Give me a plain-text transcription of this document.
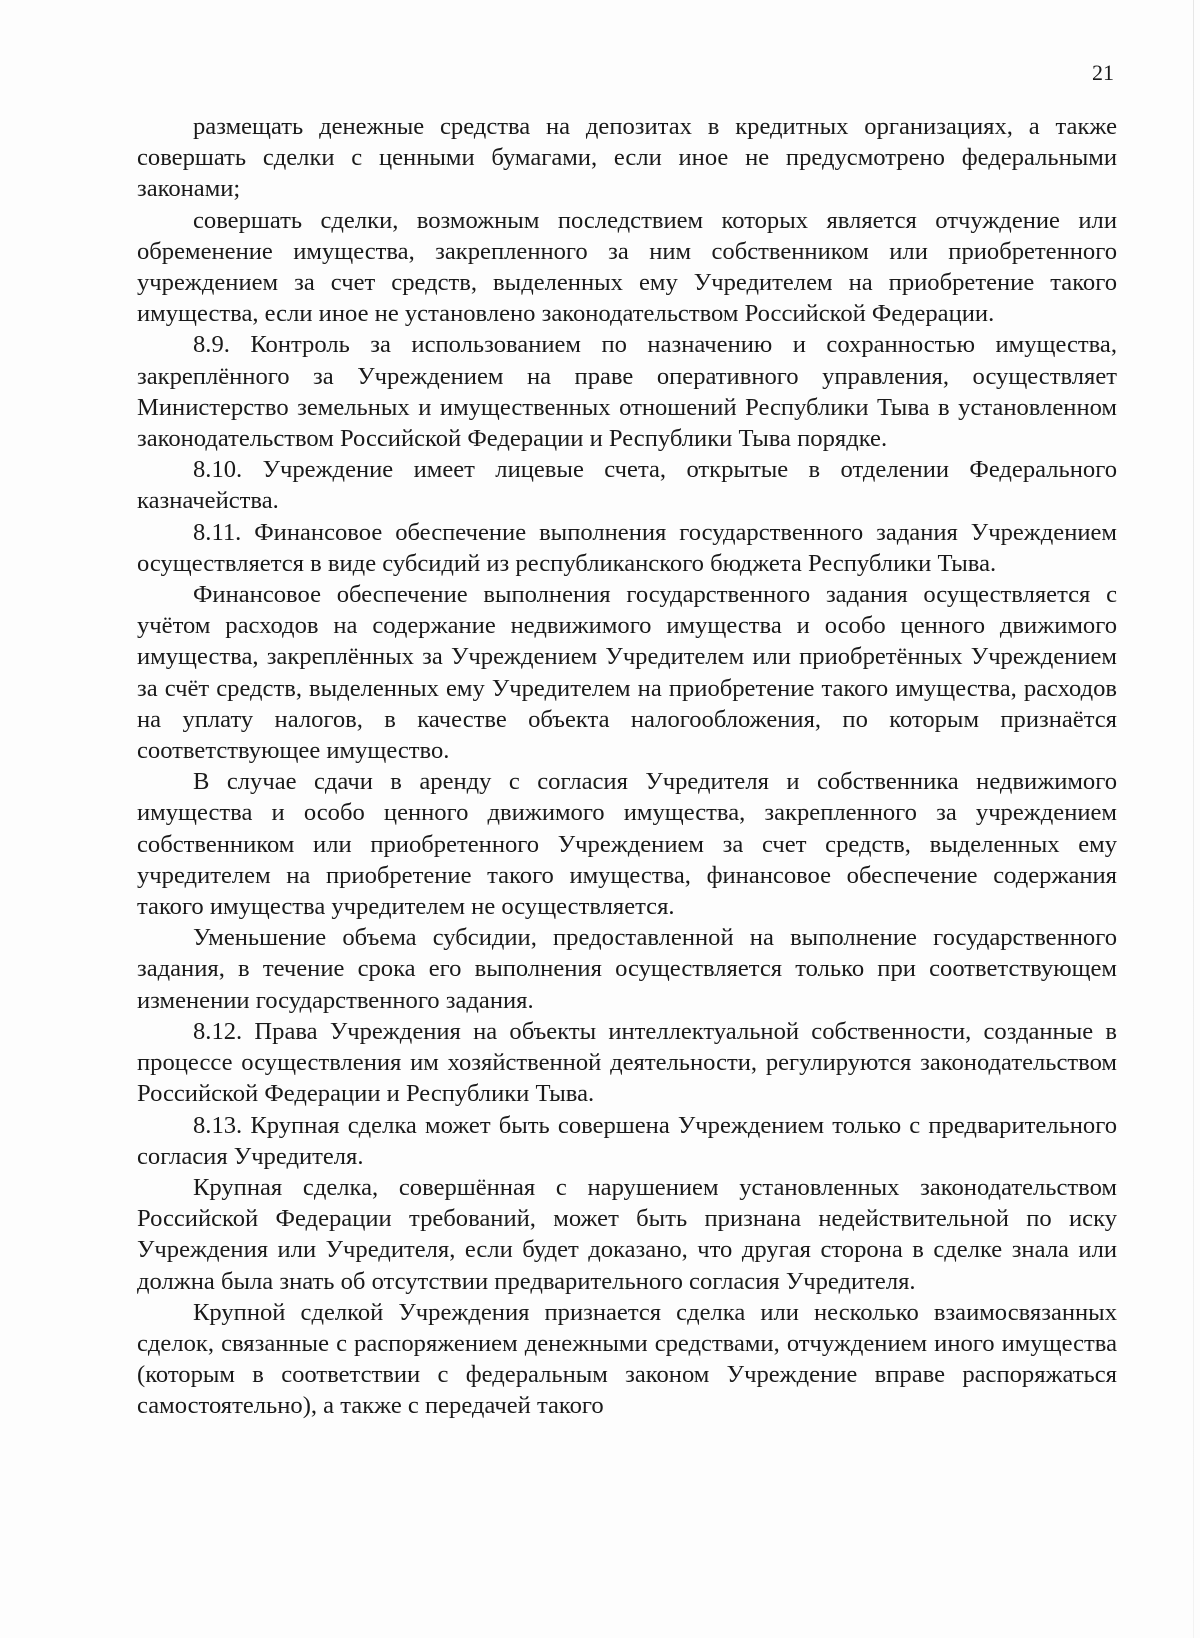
21

размещать денежные средства на депозитах в кредитных организациях, а также совершать сделки с ценными бумагами, если иное не предусмотрено федеральными законами;

совершать сделки, возможным последствием которых является отчуждение или обременение имущества, закрепленного за ним собственником или приобретенного учреждением за счет средств, выделенных ему Учредителем на приобретение такого имущества, если иное не установлено законодательством Российской Федерации.

8.9. Контроль за использованием по назначению и сохранностью имущества, закреплённого за Учреждением на праве оперативного управления, осуществляет Министерство земельных и имущественных отношений Республики Тыва в установленном законодательством Российской Федерации и Республики Тыва порядке.

8.10. Учреждение имеет лицевые счета, открытые в отделении Федерального казначейства.

8.11. Финансовое обеспечение выполнения государственного задания Учреждением осуществляется в виде субсидий из республиканского бюджета Республики Тыва.

Финансовое обеспечение выполнения государственного задания осуществляется с учётом расходов на содержание недвижимого имущества и особо ценного движимого имущества, закреплённых за Учреждением Учредителем или приобретённых Учреждением за счёт средств, выделенных ему Учредителем на приобретение такого имущества, расходов на уплату налогов, в качестве объекта налогообложения, по которым признаётся соответствующее имущество.

В случае сдачи в аренду с согласия Учредителя и собственника недвижимого имущества и особо ценного движимого имущества, закрепленного за учреждением собственником или приобретенного Учреждением за счет средств, выделенных ему учредителем на приобретение такого имущества, финансовое обеспечение содержания такого имущества учредителем не осуществляется.

Уменьшение объема субсидии, предоставленной на выполнение государственного задания, в течение срока его выполнения осуществляется только при соответствующем изменении государственного задания.

8.12. Права Учреждения на объекты интеллектуальной собственности, созданные в процессе осуществления им хозяйственной деятельности, регулируются законодательством Российской Федерации и Республики Тыва.

8.13. Крупная сделка может быть совершена Учреждением только с предварительного согласия Учредителя.

Крупная сделка, совершённая с нарушением установленных законодательством Российской Федерации требований, может быть признана недействительной по иску Учреждения или Учредителя, если будет доказано, что другая сторона в сделке знала или должна была знать об отсутствии предварительного согласия Учредителя.

Крупной сделкой Учреждения признается сделка или несколько взаимосвязанных сделок, связанные с распоряжением денежными средствами, отчуждением иного имущества (которым в соответствии с федеральным законом Учреждение вправе распоряжаться самостоятельно), а также с передачей такого
